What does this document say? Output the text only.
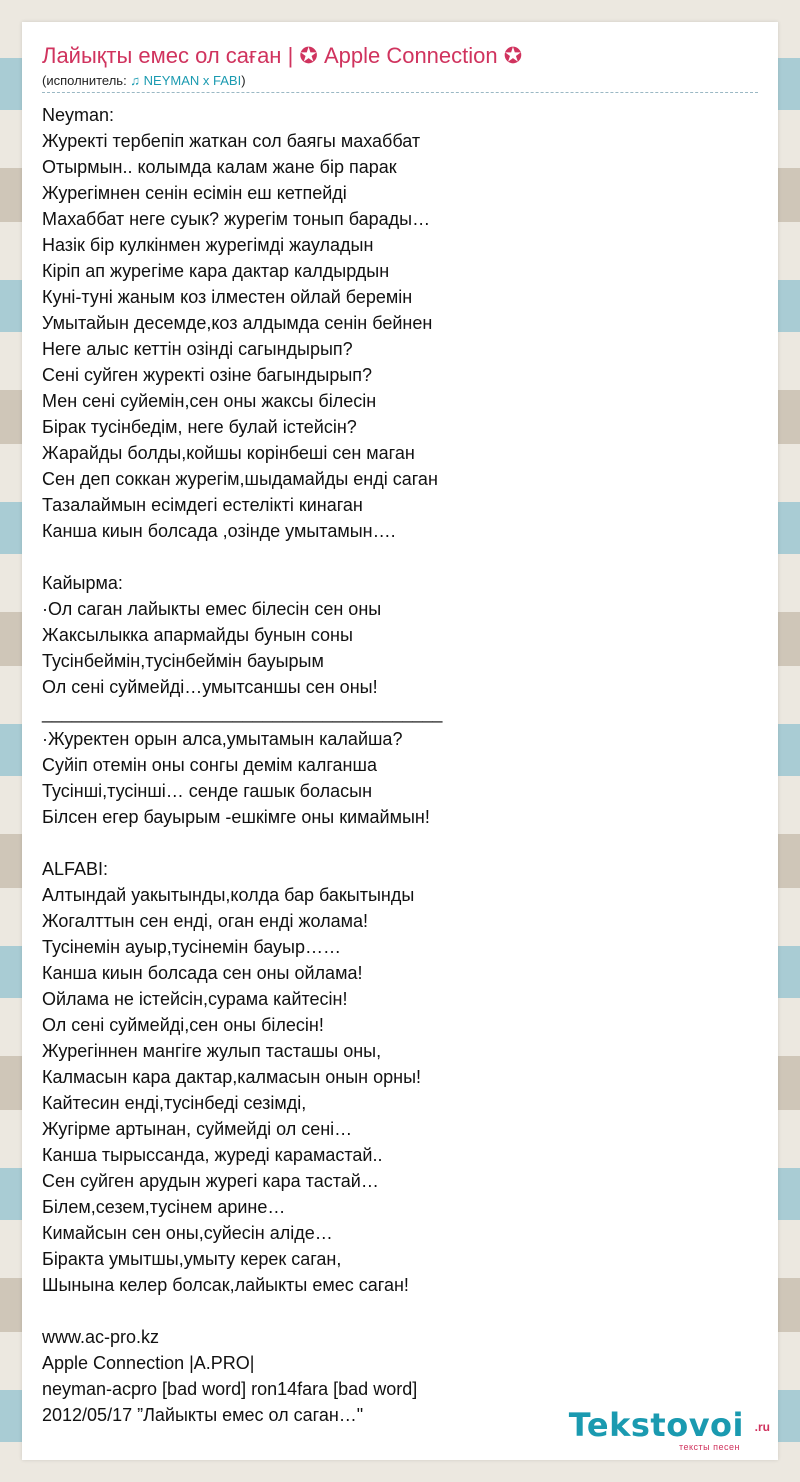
Лайықты емес ол саған | ✪ Apple Connection ✪
(исполнитель: ♫ NEYMAN x FABI)
Neyman:
Журекті тербепіп жаткан сол баягы махаббат
Отырмын.. колымда калам жане бір парак
Журегімнен сенін есімін еш кетпейді
Махаббат неге суык? журегім тонып барады…
Назік бір кулкінмен журегімді жауладын
Кіріп ап журегіме кара дактар калдырдын
Куні-туні жаным коз ілместен ойлай беремін
Умытайын десемде,коз алдымда сенін бейнен
Неге алыс кеттін озінді сагындырып?
Сені суйген журекті озіне багындырып?
Мен сені суйемін,сен оны жаксы білесін
Бірак тусінбедім, неге булай істейсін?
Жарайды болды,койшы корінбеші сен маган
Сен деп соккан журегім,шыдамайды енді саган
Тазалаймын есімдегі естелікті кинаган
Канша киын болсада ,озінде умытамын….

Кайырма:
·Ол саган лайыкты емес білесін сен оны
Жаксылыкка апармайды бунын соны
Тусінбеймін,тусінбеймін бауырым
Ол сені суймейді…умытсаншы сен оны!
________________________________________
·Журектен орын алса,умытамын калайша?
Суйіп отемін оны сонгы демім калганша
Тусінші,тусінші… сенде гашык боласын
Білсен егер бауырым -ешкімге оны кимаймын!

ALFABI:
Алтындай уакытынды,колда бар бакытынды
Жогалттын сен енді, оган енді жолама!
Тусінемін ауыр,тусінемін бауыр……
Канша киын болсада сен оны ойлама!
Ойлама не істейсін,сурама кайтесін!
Ол сені суймейді,сен оны білесін!
Журегіннен мангіге жулып тасташы оны,
Калмасын кара дактар,калмасын онын орны!
Кайтесин енді,тусінбеді сезімді,
Жугірме артынан, суймейді ол сені…
Канша тырыссанда, журеді карамастай..
Сен суйген арудын журегі кара тастай…
Білем,сезем,тусінем арине…
Кимайсын сен оны,суйесін аліде…
Біракта умытшы,умыту керек саган,
Шынына келер болсак,лайыкты емес саган!

www.ac-pro.kz
Apple Connection |A.PRO|
neyman-acpro [bad word] ron14fara [bad word]
2012/05/17 ”Лайыкты емес ол саган…"	Tekstovoi .ru
тексты песен
